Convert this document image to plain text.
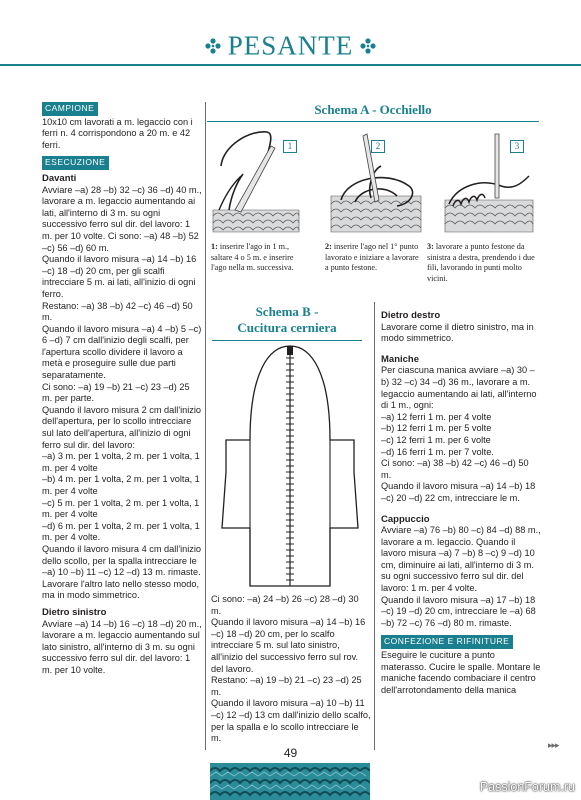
PESANTE
CAMPIONE

10x10 cm lavorati a m. legaccio con i ferri n. 4 corrispondono a 20 m. e 42 ferri.

ESECUZIONE
Davanti

Avviare –a) 28 –b) 32 –c) 36 –d) 40 m., lavorare a m. legaccio aumentando ai lati, all'interno di 3 m. su ogni successivo ferro sul dir. del lavoro: 1 m. per 10 volte. Ci sono: –a) 48 –b) 52 –c) 56 –d) 60 m.

Quando il lavoro misura –a) 14 –b) 16 –c) 18 –d) 20 cm, per gli scalfi intrecciare 5 m. ai lati, all'inizio di ogni ferro.

Restano: –a) 38 –b) 42 –c) 46 –d) 50 m.

Quando il lavoro misura –a) 4 –b) 5 –c) 6 –d) 7 cm dall'inizio degli scalfi, per l'apertura scollo dividere il lavoro a metà e proseguire sulle due parti separatamente.

Ci sono: –a) 19 –b) 21 –c) 23 –d) 25 m. per parte.

Quando il lavoro misura 2 cm dall'inizio dell'apertura, per lo scollo intrecciare sul lato dell'apertura, all'inizio di ogni ferro sul dir. del lavoro:

–a) 3 m. per 1 volta, 2 m. per 1 volta, 1 m. per 4 volte

–b) 4 m. per 1 volta, 2 m. per 1 volta, 1 m. per 4 volte

–c) 5 m. per 1 volta, 2 m. per 1 volta, 1 m. per 4 volte

–d) 6 m. per 1 volta, 2 m. per 1 volta, 1 m. per 4 volte.

Quando il lavoro misura 4 cm dall'inizio dello scollo, per la spalla intrecciare le –a) 10 –b) 11 –c) 12 –d) 13 m. rimaste.

Lavorare l'altro lato nello stesso modo, ma in modo simmetrico.

Dietro sinistro

Avviare –a) 14 –b) 16 –c) 18 –d) 20 m., lavorare a m. legaccio aumentando sul lato sinistro, all'interno di 3 m. su ogni successivo ferro sul dir. del lavoro: 1 m. per 10 volte.

Schema A - Occhiello
1	2	3
1: inserire l'ago in 1 m., saltare 4 o 5 m. e inserire l'ago nella m. successiva.
2: inserire l'ago nel 1° punto lavorato e iniziare a lavorare a punto festone.
3: lavorare a punto festone da sinistra a destra, prendendo i due fili, lavorando in punti molto vicini.
Schema B -
Cucitura cerniera

Ci sono: –a) 24 –b) 26 –c) 28 –d) 30 m.

Quando il lavoro misura –a) 14 –b) 16 –c) 18 –d) 20 cm, per lo scalfo intrecciare 5 m. sul lato sinistro, all'inizio del successivo ferro sul rov. del lavoro.

Restano: –a) 19 –b) 21 –c) 23 –d) 25 m.

Quando il lavoro misura –a) 10 –b) 11 –c) 12 –d) 13 cm dall'inizio dello scalfo, per la spalla e lo scollo intrecciare le m.

Dietro destro

Lavorare come il dietro sinistro, ma in modo simmetrico.

Maniche

Per ciascuna manica avviare –a) 30 –b) 32 –c) 34 –d) 36 m., lavorare a m. legaccio aumentando ai lati, all'interno di 1 m., ogni:

–a) 12 ferri 1 m. per 4 volte

–b) 12 ferri 1 m. per 5 volte

–c) 12 ferri 1 m. per 6 volte

–d) 16 ferri 1 m. per 7 volte.

Ci sono: –a) 38 –b) 42 –c) 46 –d) 50 m.

Quando il lavoro misura –a) 14 –b) 18 –c) 20 –d) 22 cm, intrecciare le m.

Cappuccio

Avviare –a) 76 –b) 80 –c) 84 –d) 88 m., lavorare a m. legaccio. Quando il lavoro misura –a) 7 –b) 8 –c) 9 –d) 10 cm, diminuire ai lati, all'interno di 3 m. su ogni successivo ferro sul dir. del lavoro: 1 m. per 4 volte.

Quando il lavoro misura –a) 17 –b) 18 –c) 19 –d) 20 cm, intrecciare le –a) 68 –b) 72 –c) 76 –d) 80 m. rimaste.

CONFEZIONE E RIFINITURE

Eseguire le cuciture a punto materasso. Cucire le spalle. Montare le maniche facendo combaciare il centro dell'arrotondamento della manica

▸▸▸
49
PassionForum.ru
